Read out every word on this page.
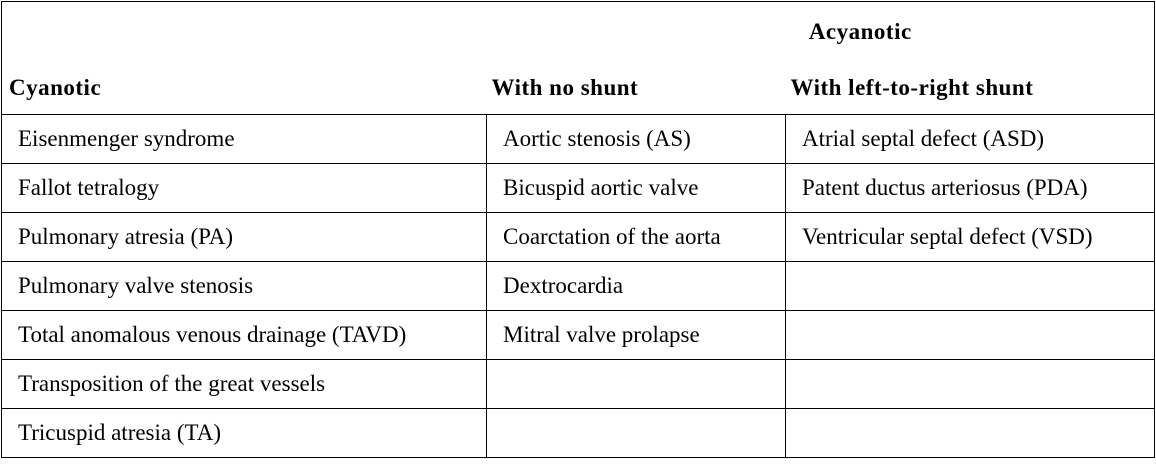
	Acyanotic	
Cyanotic	With no shunt	With left-to-right shunt
Eisenmenger syndrome	Aortic stenosis (AS)	Atrial septal defect (ASD)
Fallot tetralogy	Bicuspid aortic valve	Patent ductus arteriosus (PDA)
Pulmonary atresia (PA)	Coarctation of the aorta	Ventricular septal defect (VSD)
Pulmonary valve stenosis	Dextrocardia	
Total anomalous venous drainage (TAVD)	Mitral valve prolapse	
Transposition of the great vessels		
Tricuspid atresia (TA)		
